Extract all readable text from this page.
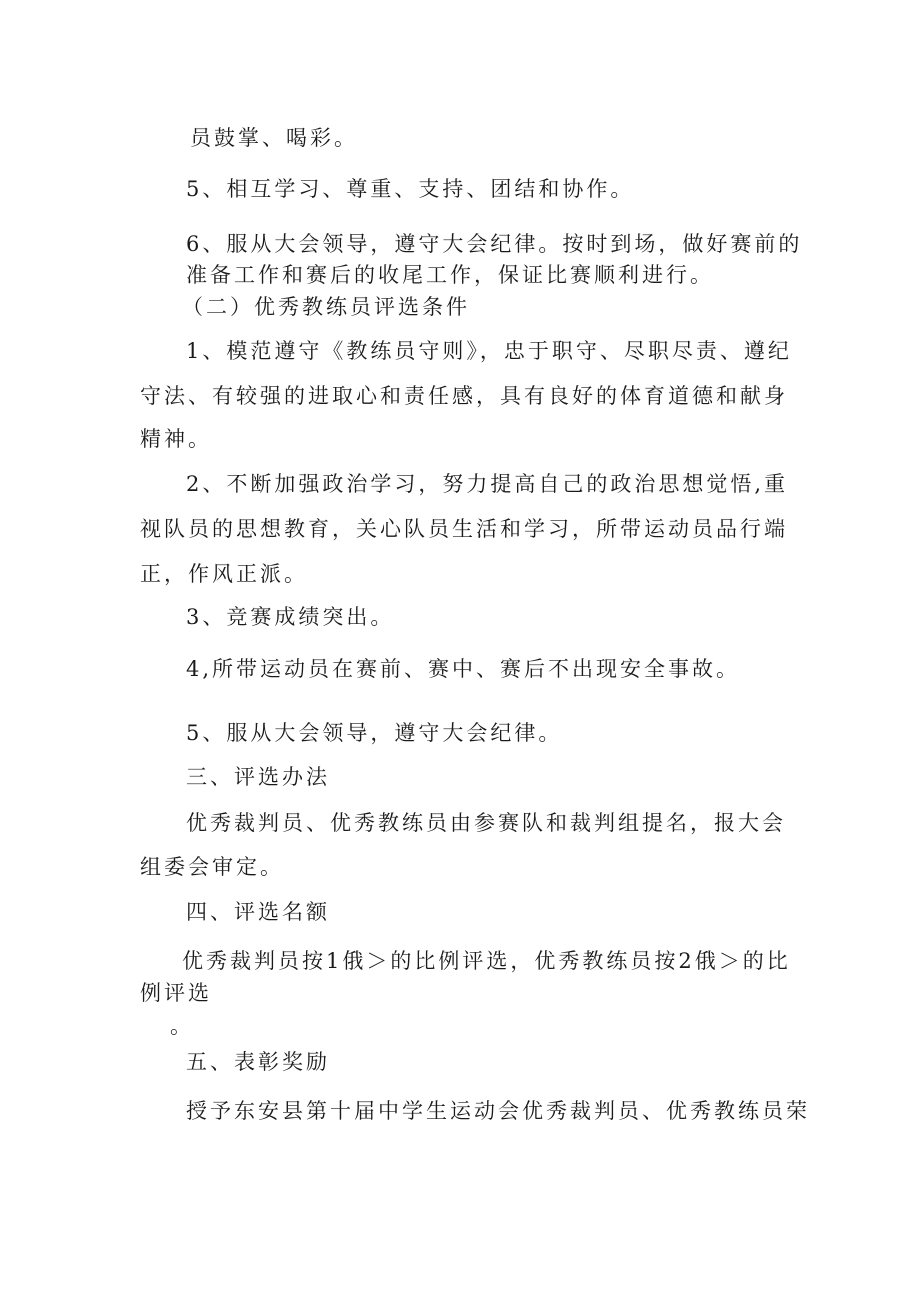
员鼓掌、喝彩。
5、相互学习、尊重、支持、团结和协作。
6、服从大会领导，遵守大会纪律。按时到场，做好赛前的
准备工作和赛后的收尾工作，保证比赛顺利进行。
（二）优秀教练员评选条件
1、模范遵守《教练员守则》，忠于职守、尽职尽责、遵纪
守法、有较强的进取心和责任感，具有良好的体育道德和献身
精神。
2、不断加强政治学习，努力提高自己的政治思想觉悟,重
视队员的思想教育，关心队员生活和学习，所带运动员品行端
正，作风正派。
3、竞赛成绩突出。
4,所带运动员在赛前、赛中、赛后不出现安全事故。
5、服从大会领导，遵守大会纪律。
三、评选办法
优秀裁判员、优秀教练员由参赛队和裁判组提名，报大会
组委会审定。
四、评选名额
优秀裁判员按1俄＞的比例评选，优秀教练员按2俄＞的比
例评选
。
五、表彰奖励
授予东安县第十届中学生运动会优秀裁判员、优秀教练员荣
